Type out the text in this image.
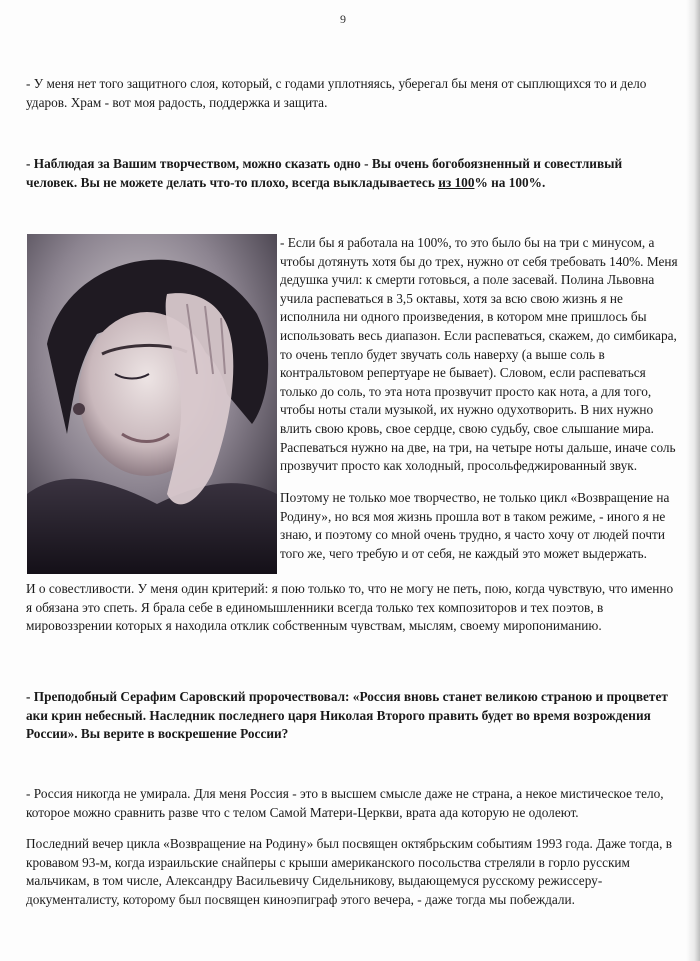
9

- У меня нет того защитного слоя, который, с годами уплотняясь, уберегал бы меня от сыплющихся то и дело ударов. Храм - вот моя радость, поддержка и защита.

- Наблюдая за Вашим творчеством, можно сказать одно - Вы очень богобоязненный и совестливый человек. Вы не можете делать что-то плохо, всегда выкладываетесь из 100% на 100%.

- Если бы я работала на 100%, то это было бы на три с минусом, а чтобы дотянуть хотя бы до трех, нужно от себя требовать 140%. Меня дедушка учил: к смерти готовься, а поле засевай. Полина Львовна учила распеваться в 3,5 октавы, хотя за всю свою жизнь я не исполнила ни одного произведения, в котором мне пришлось бы использовать весь диапазон. Если распеваться, скажем, до симбикара, то очень тепло будет звучать соль наверху (а выше соль в контральтовом репертуаре не бывает). Словом, если распеваться только до соль, то эта нота прозвучит просто как нота, а для того, чтобы ноты стали музыкой, их нужно одухотворить. В них нужно влить свою кровь, свое сердце, свою судьбу, свое слышание мира. Распеваться нужно на две, на три, на четыре ноты дальше, иначе соль прозвучит просто как холодный, просольфеджированный звук.

Поэтому не только мое творчество, не только цикл «Возвращение на Родину», но вся моя жизнь прошла вот в таком режиме, - иного я не знаю, и поэтому со мной очень трудно, я часто хочу от людей почти того же, чего требую и от себя, не каждый это может выдержать.

И о совестливости. У меня один критерий: я пою только то, что не могу не петь, пою, когда чувствую, что именно я обязана это спеть. Я брала себе в единомышленники всегда только тех композиторов и тех поэтов, в мировоззрении которых я находила отклик собственным чувствам, мыслям, своему миропониманию.

- Преподобный Серафим Саровский пророчествовал: «Россия вновь станет великою страною и процветет аки крин небесный. Наследник последнего царя Николая Второго править будет во время возрождения России». Вы верите в воскрешение России?

- Россия никогда не умирала. Для меня Россия - это в высшем смысле даже не страна, а некое мистическое тело, которое можно сравнить разве что с телом Самой Матери-Церкви, врата ада которую не одолеют.

Последний вечер цикла «Возвращение на Родину» был посвящен октябрьским событиям 1993 года. Даже тогда, в кровавом 93-м, когда израильские снайперы с крыши американского посольства стреляли в горло русским мальчикам, в том числе, Александру Васильевичу Сидельникову, выдающемуся русскому режиссеру-документалисту, которому был посвящен киноэпиграф этого вечера, - даже тогда мы побеждали.
